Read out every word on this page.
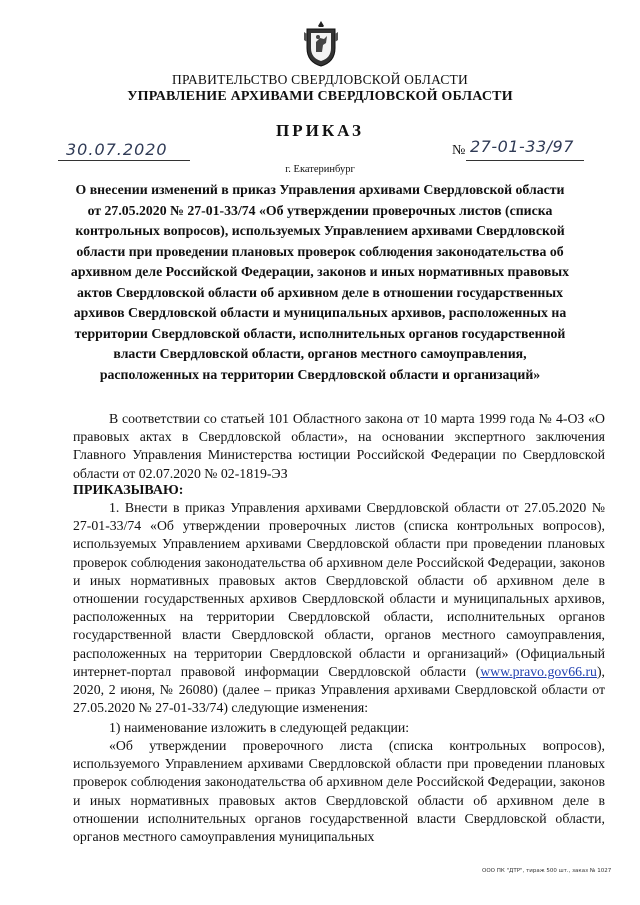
ПРАВИТЕЛЬСТВО СВЕРДЛОВСКОЙ ОБЛАСТИ
УПРАВЛЕНИЕ АРХИВАМИ СВЕРДЛОВСКОЙ ОБЛАСТИ
ПРИКАЗ
30.07.2020	№ 27-01-33/97
г. Екатеринбург
О внесении изменений в приказ Управления архивами Свердловской области от 27.05.2020 № 27-01-33/74 «Об утверждении проверочных листов (списка контрольных вопросов), используемых Управлением архивами Свердловской области при проведении плановых проверок соблюдения законодательства об архивном деле Российской Федерации, законов и иных нормативных правовых актов Свердловской области об архивном деле в отношении государственных архивов Свердловской области и муниципальных архивов, расположенных на территории Свердловской области, исполнительных органов государственной власти Свердловской области, органов местного самоуправления, расположенных на территории Свердловской области и организаций»
В соответствии со статьей 101 Областного закона от 10 марта 1999 года № 4-ОЗ «О правовых актах в Свердловской области», на основании экспертного заключения Главного Управления Министерства юстиции Российской Федерации по Свердловской области от 02.07.2020 № 02-1819-ЭЗ
ПРИКАЗЫВАЮ:
1. Внести в приказ Управления архивами Свердловской области от 27.05.2020 № 27-01-33/74 «Об утверждении проверочных листов (списка контрольных вопросов), используемых Управлением архивами Свердловской области при проведении плановых проверок соблюдения законодательства об архивном деле Российской Федерации, законов и иных нормативных правовых актов Свердловской области об архивном деле в отношении государственных архивов Свердловской области и муниципальных архивов, расположенных на территории Свердловской области, исполнительных органов государственной власти Свердловской области, органов местного самоуправления, расположенных на территории Свердловской области и организаций» (Официальный интернет-портал правовой информации Свердловской области (www.pravo.gov66.ru), 2020, 2 июня, № 26080) (далее – приказ Управления архивами Свердловской области от 27.05.2020 № 27-01-33/74) следующие изменения:
1) наименование изложить в следующей редакции:
«Об утверждении проверочного листа (списка контрольных вопросов), используемого Управлением архивами Свердловской области при проведении плановых проверок соблюдения законодательства об архивном деле Российской Федерации, законов и иных нормативных правовых актов Свердловской области об архивном деле в отношении исполнительных органов государственной власти Свердловской области, органов местного самоуправления муниципальных
ООО ПК "ДТР", тираж 500 шт., заказ № 1027
